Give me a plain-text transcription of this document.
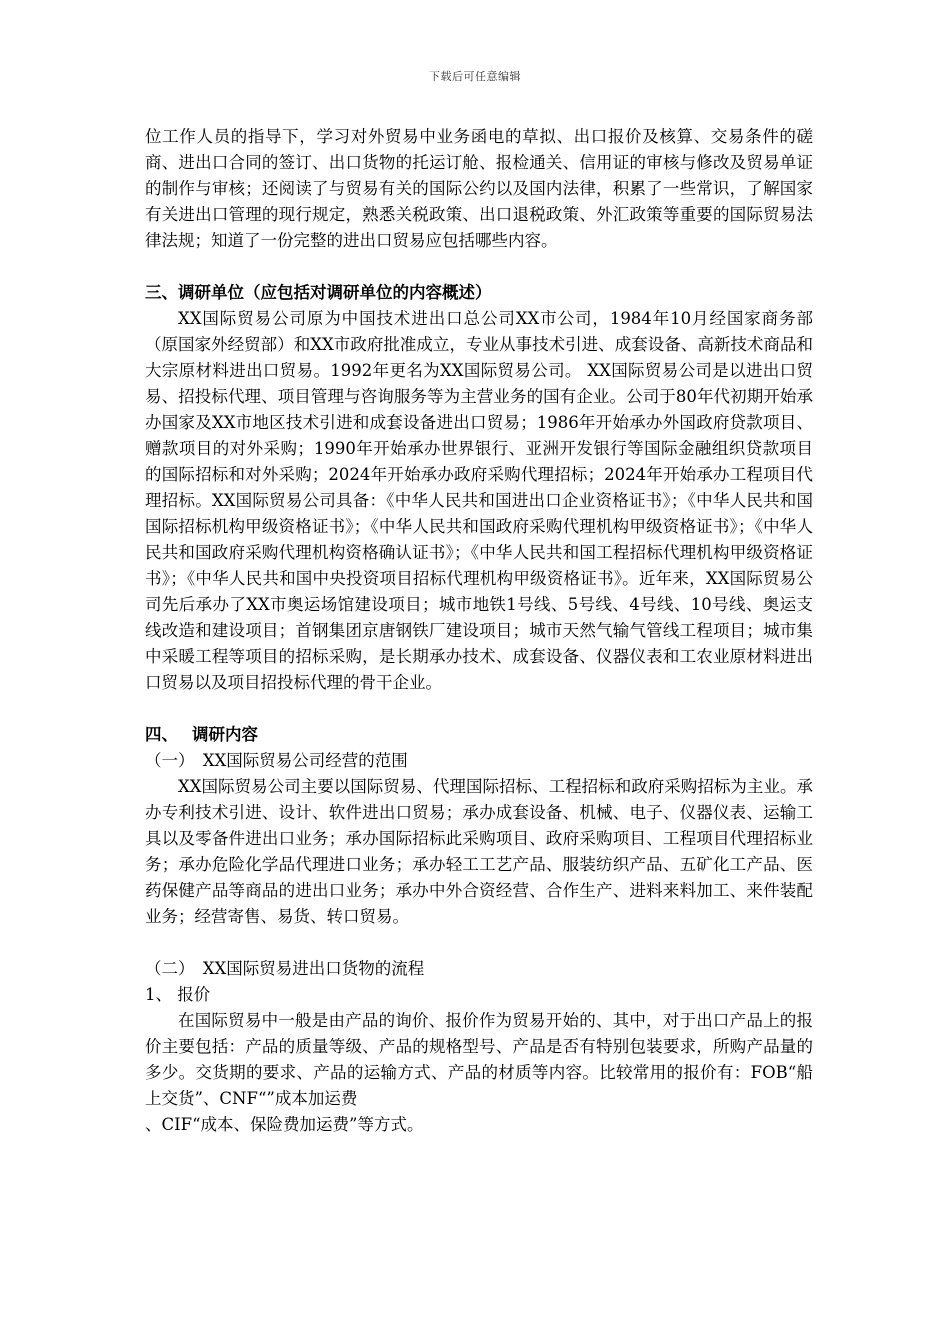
下载后可任意编辑

位工作人员的指导下，学习对外贸易中业务函电的草拟、出口报价及核算、交易条件的磋商、进出口合同的签订、出口货物的托运订舱、报检通关、信用证的审核与修改及贸易单证的制作与审核；还阅读了与贸易有关的国际公约以及国内法律，积累了一些常识，了解国家有关进出口管理的现行规定，熟悉关税政策、出口退税政策、外汇政策等重要的国际贸易法律法规；知道了一份完整的进出口贸易应包括哪些内容。

三、调研单位（应包括对调研单位的内容概述）

XX国际贸易公司原为中国技术进出口总公司XX市公司，1984年10月经国家商务部（原国家外经贸部）和XX市政府批准成立，专业从事技术引进、成套设备、高新技术商品和大宗原材料进出口贸易。1992年更名为XX国际贸易公司。 XX国际贸易公司是以进出口贸易、招投标代理、项目管理与咨询服务等为主营业务的国有企业。公司于80年代初期开始承办国家及XX市地区技术引进和成套设备进出口贸易；1986年开始承办外国政府贷款项目、赠款项目的对外采购；1990年开始承办世界银行、亚洲开发银行等国际金融组织贷款项目的国际招标和对外采购；2024年开始承办政府采购代理招标；2024年开始承办工程项目代理招标。XX国际贸易公司具备：《中华人民共和国进出口企业资格证书》；《中华人民共和国国际招标机构甲级资格证书》；《中华人民共和国政府采购代理机构甲级资格证书》；《中华人民共和国政府采购代理机构资格确认证书》；《中华人民共和国工程招标代理机构甲级资格证书》；《中华人民共和国中央投资项目招标代理机构甲级资格证书》。近年来，XX国际贸易公司先后承办了XX市奥运场馆建设项目；城市地铁1号线、5号线、4号线、10号线、奥运支线改造和建设项目；首钢集团京唐钢铁厂建设项目；城市天然气输气管线工程项目；城市集中采暖工程等项目的招标采购，是长期承办技术、成套设备、仪器仪表和工农业原材料进出口贸易以及项目招投标代理的骨干企业。

四、　 调研内容

（一）　XX国际贸易公司经营的范围

XX国际贸易公司主要以国际贸易、代理国际招标、工程招标和政府采购招标为主业。承办专利技术引进、设计、软件进出口贸易；承办成套设备、机械、电子、仪器仪表、运输工具以及零备件进出口业务；承办国际招标此采购项目、政府采购项目、工程项目代理招标业务；承办危险化学品代理进口业务；承办轻工工艺产品、服装纺织产品、五矿化工产品、医药保健产品等商品的进出口业务；承办中外合资经营、合作生产、进料来料加工、来件装配业务；经营寄售、易货、转口贸易。

（二）　XX国际贸易进出口货物的流程

1、 报价

在国际贸易中一般是由产品的询价、报价作为贸易开始的、其中，对于出口产品上的报价主要包括：产品的质量等级、产品的规格型号、产品是否有特别包装要求，所购产品量的多少。交货期的要求、产品的运输方式、产品的材质等内容。比较常用的报价有：FOB“船上交货”、CNF“”成本加运费

、CIF“成本、保险费加运费”等方式。
